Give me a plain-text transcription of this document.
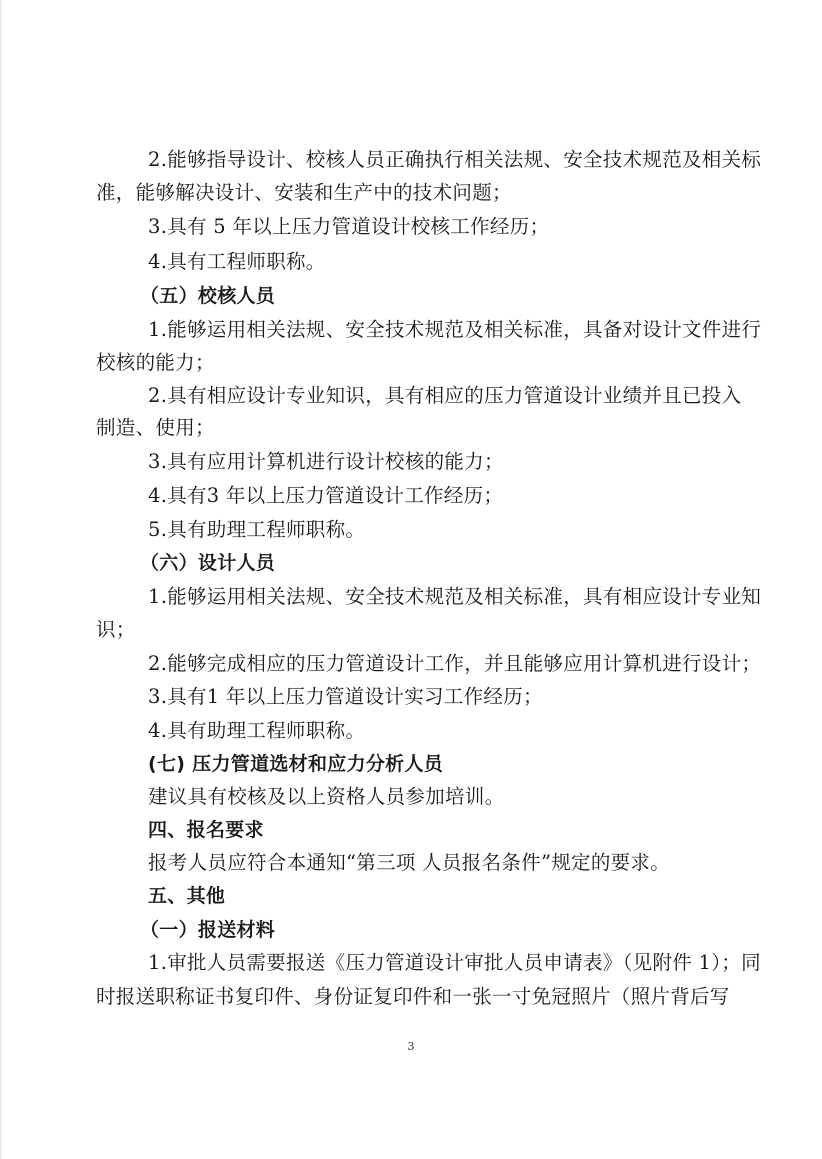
2.能够指导设计、校核人员正确执行相关法规、安全技术规范及相关标
准，能够解决设计、安装和生产中的技术问题；
3.具有 5 年以上压力管道设计校核工作经历；
4.具有工程师职称。
（五）校核人员
1.能够运用相关法规、安全技术规范及相关标准，具备对设计文件进行
校核的能力；
2.具有相应设计专业知识，具有相应的压力管道设计业绩并且已投入
制造、使用；
3.具有应用计算机进行设计校核的能力；
4.具有3 年以上压力管道设计工作经历；
5.具有助理工程师职称。
（六）设计人员
1.能够运用相关法规、安全技术规范及相关标准，具有相应设计专业知
识；
2.能够完成相应的压力管道设计工作，并且能够应用计算机进行设计；
3.具有1 年以上压力管道设计实习工作经历；
4.具有助理工程师职称。
(七) 压力管道选材和应力分析人员
建议具有校核及以上资格人员参加培训。
四、报名要求
报考人员应符合本通知“第三项 人员报名条件”规定的要求。
五、其他
（一）报送材料
1.审批人员需要报送《压力管道设计审批人员申请表》（见附件 1）；同
时报送职称证书复印件、身份证复印件和一张一寸免冠照片（照片背后写
3
